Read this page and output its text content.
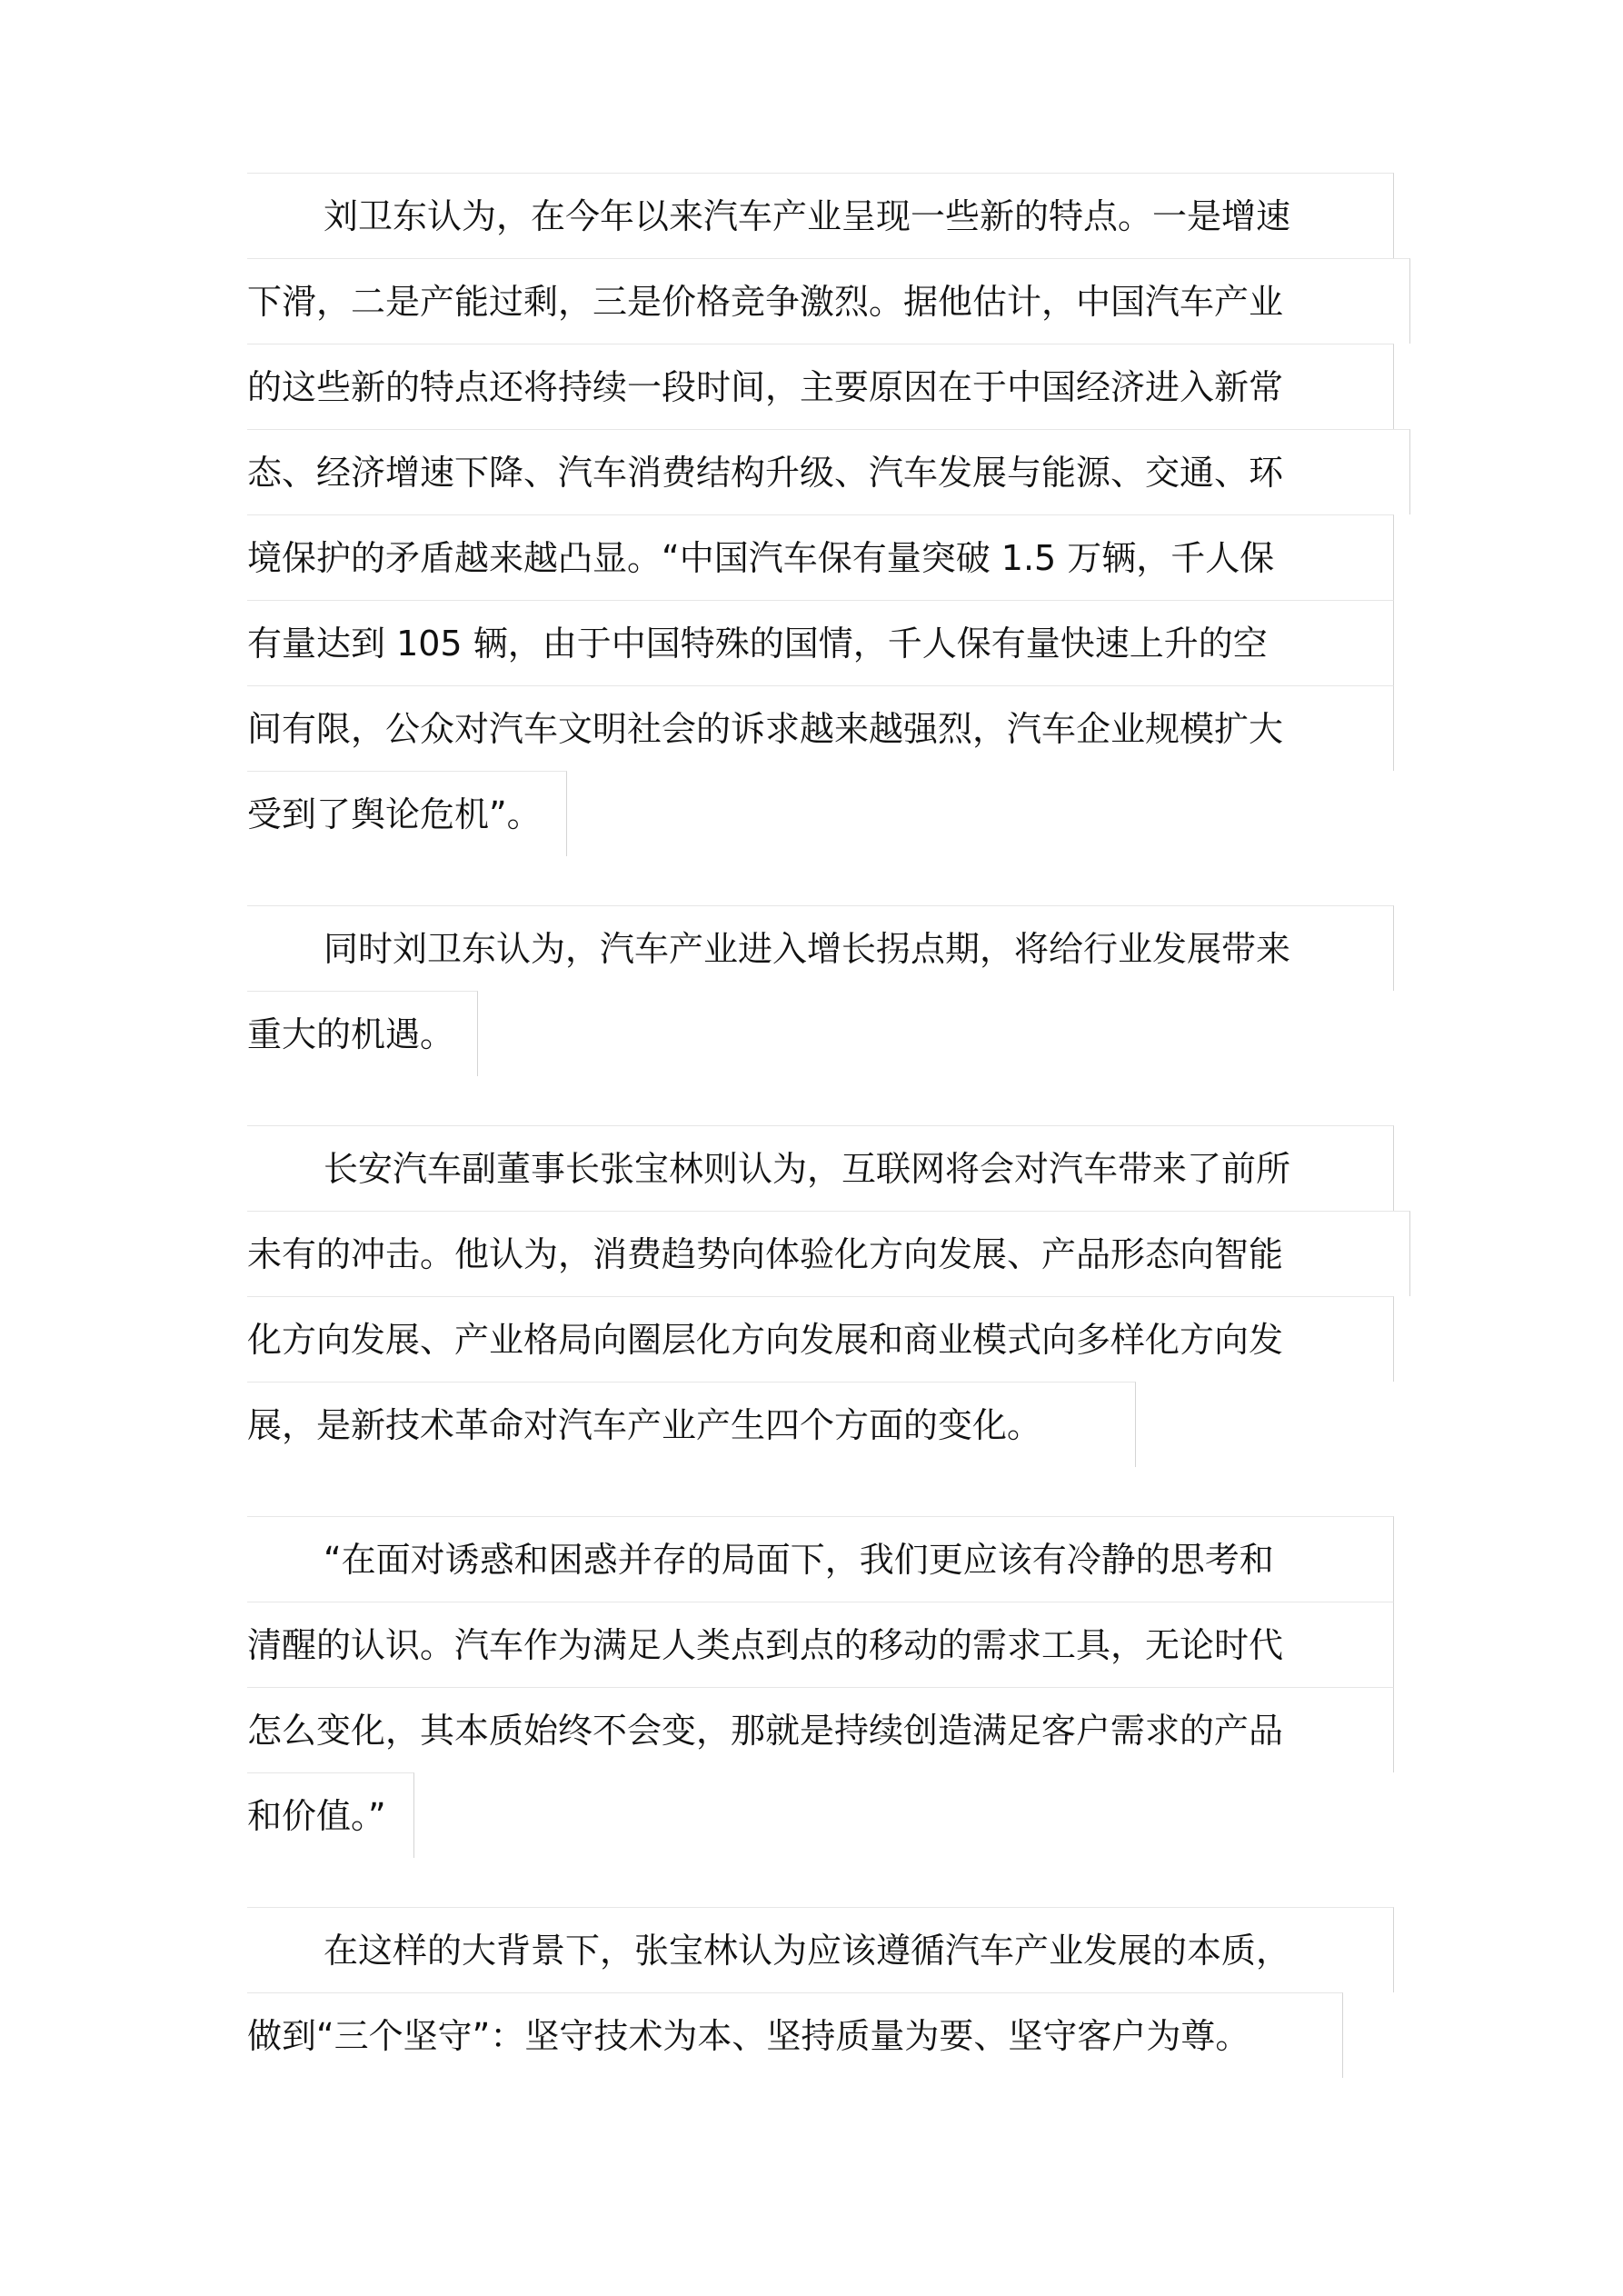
刘卫东认为，在今年以来汽车产业呈现一些新的特点。一是增速
下滑，二是产能过剩，三是价格竞争激烈。据他估计，中国汽车产业
的这些新的特点还将持续一段时间，主要原因在于中国经济进入新常
态、经济增速下降、汽车消费结构升级、汽车发展与能源、交通、环
境保护的矛盾越来越凸显。“中国汽车保有量突破 1.5 万辆，千人保
有量达到 105 辆，由于中国特殊的国情，千人保有量快速上升的空
间有限，公众对汽车文明社会的诉求越来越强烈，汽车企业规模扩大
受到了舆论危机”。
同时刘卫东认为，汽车产业进入增长拐点期，将给行业发展带来
重大的机遇。
长安汽车副董事长张宝林则认为，互联网将会对汽车带来了前所
未有的冲击。他认为，消费趋势向体验化方向发展、产品形态向智能
化方向发展、产业格局向圈层化方向发展和商业模式向多样化方向发
展，是新技术革命对汽车产业产生四个方面的变化。
“在面对诱惑和困惑并存的局面下，我们更应该有冷静的思考和
清醒的认识。汽车作为满足人类点到点的移动的需求工具，无论时代
怎么变化，其本质始终不会变，那就是持续创造满足客户需求的产品
和价值。”
在这样的大背景下，张宝林认为应该遵循汽车产业发展的本质，
做到“三个坚守”：坚守技术为本、坚持质量为要、坚守客户为尊。
